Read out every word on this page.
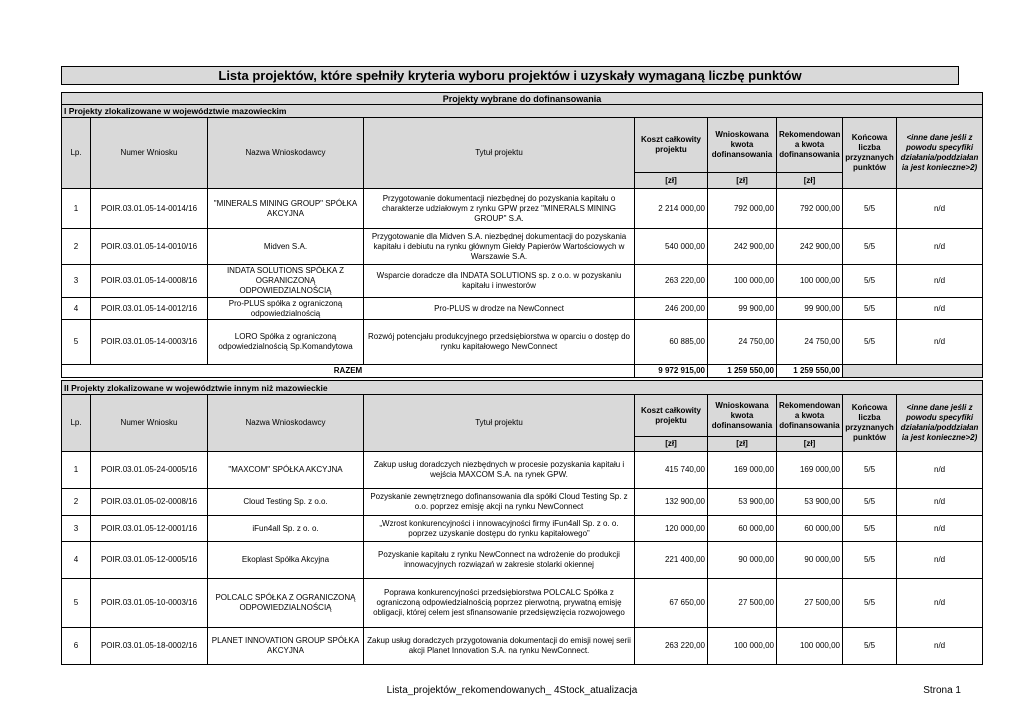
Lista projektów, które spełniły kryteria wyboru projektów i uzyskały wymaganą liczbę punktów
Projekty wybrane do dofinansowania								
I Projekty zlokalizowane w województwie mazowieckim								
Lp.	Numer Wniosku	Nazwa Wnioskodawcy	Tytuł projektu	Koszt całkowity projektu	Wnioskowana kwota dofinansowania	Rekomendowan a kwota dofinansowania	Końcowa liczba przyznanych punktów	<inne dane jeśli z powodu specyfiki działania/poddziałan ia jest konieczne>2)
				[zł]	[zł]	[zł]		
1	POIR.03.01.05-14-0014/16	"MINERALS MINING GROUP" SPÓŁKA AKCYJNA	Przygotowanie dokumentacji niezbędnej do pozyskania kapitału o charakterze udziałowym z rynku GPW przez "MINERALS MINING GROUP" S.A.	2 214 000,00	792 000,00	792 000,00	5/5	n/d
2	POIR.03.01.05-14-0010/16	Midven S.A.	Przygotowanie dla Midven S.A. niezbędnej dokumentacji do pozyskania kapitału i debiutu na rynku głównym Giełdy Papierów Wartościowych w Warszawie S.A.	540 000,00	242 900,00	242 900,00	5/5	n/d
3	POIR.03.01.05-14-0008/16	INDATA SOLUTIONS SPÓŁKA Z OGRANICZONĄ ODPOWIEDZIALNOŚCIĄ	Wsparcie doradcze dla INDATA SOLUTIONS sp. z o.o. w pozyskaniu kapitału i inwestorów	263 220,00	100 000,00	100 000,00	5/5	n/d
4	POIR.03.01.05-14-0012/16	Pro-PLUS spółka z ograniczoną odpowiedzialnością	Pro-PLUS w drodze na NewConnect	246 200,00	99 900,00	99 900,00	5/5	n/d
5	POIR.03.01.05-14-0003/16	LORO Spółka z ograniczoną odpowiedzialnością Sp.Komandytowa	Rozwój potencjału produkcyjnego przedsiębiorstwa w oparciu o dostęp do rynku kapitałowego NewConnect	60 885,00	24 750,00	24 750,00	5/5	n/d
RAZEM				9 972 915,00	1 259 550,00	1 259 550,00		
II Projekty zlokalizowane w województwie innym niż mazowieckie								
Lp.	Numer Wniosku	Nazwa Wnioskodawcy	Tytuł projektu	Koszt całkowity projektu	Wnioskowana kwota dofinansowania	Rekomendowan a kwota dofinansowania	Końcowa liczba przyznanych punktów	<inne dane jeśli z powodu specyfiki działania/poddziałan ia jest konieczne>2)
				[zł]	[zł]	[zł]		
1	POIR.03.01.05-24-0005/16	"MAXCOM" SPÓŁKA AKCYJNA	Zakup usług doradczych niezbędnych w procesie pozyskania kapitału i wejścia MAXCOM S.A. na rynek GPW.	415 740,00	169 000,00	169 000,00	5/5	n/d
2	POIR.03.01.05-02-0008/16	Cloud Testing Sp. z o.o.	Pozyskanie zewnętrznego dofinansowania dla spółki Cloud Testing Sp. z o.o. poprzez emisję akcji na rynku NewConnect	132 900,00	53 900,00	53 900,00	5/5	n/d
3	POIR.03.01.05-12-0001/16	iFun4all Sp. z o. o.	„Wzrost konkurencyjności i innowacyjności firmy iFun4all Sp. z o. o. poprzez uzyskanie dostępu do rynku kapitałowego”	120 000,00	60 000,00	60 000,00	5/5	n/d
4	POIR.03.01.05-12-0005/16	Ekoplast Spółka Akcyjna	Pozyskanie kapitału z rynku NewConnect na wdrożenie do produkcji innowacyjnych rozwiązań w zakresie stolarki okiennej	221 400,00	90 000,00	90 000,00	5/5	n/d
5	POIR.03.01.05-10-0003/16	POLCALC SPÓŁKA Z OGRANICZONĄ ODPOWIEDZIALNOŚCIĄ	Poprawa konkurencyjności przedsiębiorstwa POLCALC Spółka z ograniczoną odpowiedzialnością poprzez pierwotną, prywatną emisję obligacji, której celem jest sfinansowanie przedsięwzięcia rozwojowego	67 650,00	27 500,00	27 500,00	5/5	n/d
6	POIR.03.01.05-18-0002/16	PLANET INNOVATION GROUP SPÓŁKA AKCYJNA	Zakup usług doradczych przygotowania dokumentacji do emisji nowej serii akcji Planet Innovation S.A. na rynku NewConnect.	263 220,00	100 000,00	100 000,00	5/5	n/d
Lista_projektów_rekomendowanych_ 4Stock_atualizacja	Strona 1
